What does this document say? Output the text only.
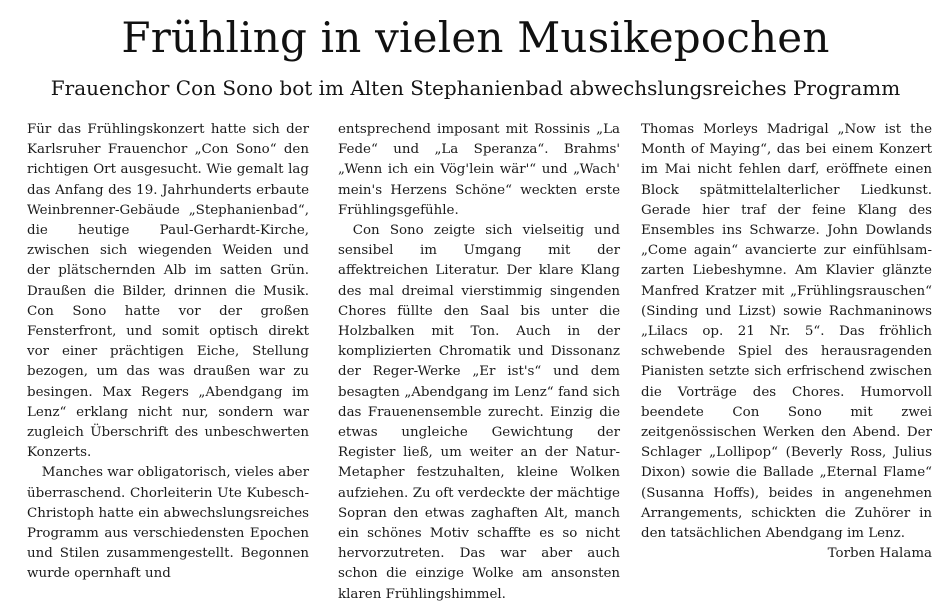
Frühling in vielen Musikepochen
Frauenchor Con Sono bot im Alten Stephanienbad abwechslungsreiches Programm

Für das Frühlingskonzert hatte sich der Karlsruher Frauenchor „Con Sono“ den richtigen Ort ausgesucht. Wie gemalt lag das Anfang des 19. Jahrhunderts erbaute Weinbrenner-Gebäude „Stephanienbad“, die heutige Paul-Gerhardt-Kirche, zwischen sich wiegenden Weiden und der plätschernden Alb im satten Grün. Draußen die Bilder, drinnen die Musik. Con Sono hatte vor der großen Fensterfront, und somit optisch direkt vor einer prächtigen Eiche, Stellung bezogen, um das was draußen war zu besingen. Max Regers „Abendgang im Lenz“ erklang nicht nur, sondern war zugleich Überschrift des unbeschwerten Konzerts.

Manches war obligatorisch, vieles aber überraschend. Chorleiterin Ute Kubesch-Christoph hatte ein abwechslungsreiches Programm aus verschiedensten Epochen und Stilen zusammengestellt. Begonnen wurde opernhaft und

entsprechend imposant mit Rossinis „La Fede“ und „La Speranza“. Brahms' „Wenn ich ein Vög'lein wär'“ und „Wach' mein's Herzens Schöne“ weckten erste Frühlingsgefühle.

Con Sono zeigte sich vielseitig und sensibel im Umgang mit der affektreichen Literatur. Der klare Klang des mal dreimal vierstimmig singenden Chores füllte den Saal bis unter die Holzbalken mit Ton. Auch in der komplizierten Chromatik und Dissonanz der Reger-Werke „Er ist's“ und dem besagten „Abendgang im Lenz“ fand sich das Frauenensemble zurecht. Einzig die etwas ungleiche Gewichtung der Register ließ, um weiter an der Natur-Metapher festzuhalten, kleine Wolken aufziehen. Zu oft verdeckte der mächtige Sopran den etwas zaghaften Alt, manch ein schönes Motiv schaffte es so nicht hervorzutreten. Das war aber auch schon die einzige Wolke am ansonsten klaren Frühlingshimmel.

Thomas Morleys Madrigal „Now ist the Month of Maying“, das bei einem Konzert im Mai nicht fehlen darf, eröffnete einen Block spätmittelalterlicher Liedkunst. Gerade hier traf der feine Klang des Ensembles ins Schwarze. John Dowlands „Come again“ avancierte zur einfühlsam-zarten Liebeshymne. Am Klavier glänzte Manfred Kratzer mit „Frühlingsrauschen“ (Sinding und Lizst) sowie Rachmaninows „Lilacs op. 21 Nr. 5“. Das fröhlich schwebende Spiel des herausragenden Pianisten setzte sich erfrischend zwischen die Vorträge des Chores. Humorvoll beendete Con Sono mit zwei zeitgenössischen Werken den Abend. Der Schlager „Lollipop“ (Beverly Ross, Julius Dixon) sowie die Ballade „Eternal Flame“ (Susanna Hoffs), beides in angenehmen Arrangements, schickten die Zuhörer in den tatsächlichen Abendgang im Lenz.

Torben Halama
